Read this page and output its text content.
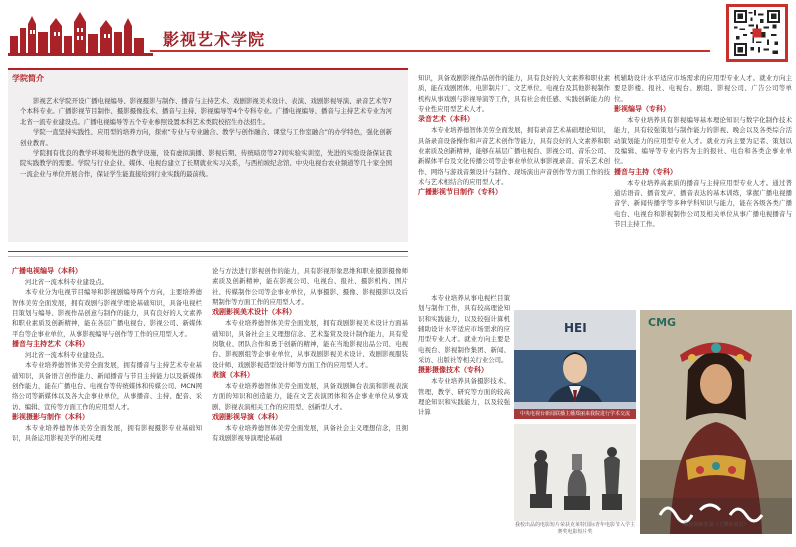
影视艺术学院
学院简介

影视艺术学院开设广播电视编导、影视摄影与制作、播音与主持艺术、戏剧影视美术设计、表演、戏剧影视导演、录音艺术等7个本科专业。广播影视节目制作、摄影摄像技术、播音与主持、影视编导等4个专科专业。广播电视编导、播音与主持艺术专业为河北省一流专业建设点。广播电视编导等五个专业参照设置本科艺术类院校招生办法招生。

学院一直坚持实践性、应用型的培养方向，探索“专业与专业融合、教学与创作融合、课堂与工作室融合”的办学特色，强化创新创业教育。

学院拥有优良的教学环境和先进的教学设施，设有虚拟演播、影视后期、传统暗房等27间实验实训室，先进的实验设备保证我院实践教学的需要。学院与行业企业、媒体、电视台建立了长期就业实习关系，与西柏坡纪念馆、中央电视台农业频道等几十家全国一流企业与单位开展合作，保证学生能直接给到行业实践的最前线。

广播电视编导（本科）

河北省一流本科专业建设点。

本专业分为电视节目编导和影视剧编导两个方向，主要培养德智体美劳全面发展，拥有戏剧与影视学理论基础知识，具备电视栏目策划与编导、影视作品创意与制作的能力，具有良好的人文素养和职业素质及创新精神，能在各层广播电视台、影视公司、新媒体平台等企事业单位，从事影视编导与创作等工作的应用型人才。

播音与主持艺术（本科）

河北省一流本科专业建设点。

本专业培养德智体美劳全面发展，拥有播音与主持艺术专业基础知识，具备语言创作能力、新闻播音与节目主持能力以及新媒体创作能力，能在广播电台、电视台等传统媒体和传媒公司、MCN网络公司等新媒体以及各大企事业单位，从事播音、主持、配音、采访、编辑、宣传等方面工作的应用型人才。

影视摄影与制作（本科）

本专业培养德智体美劳全面发展，拥有影视摄影专业基础知识，具备运用影视美学的相关理

论与方法进行影视创作的能力，具有影视形象思维和职业摄影摄像师素质及创新精神，能在影视公司、电视台、报社、摄影机构、图片社、传媒制作公司等企事业单位，从事摄影、摄像、影视摄影以及后期制作等方面工作的应用型人才。

戏剧影视美术设计（本科）

本专业培养德智体美劳全面发展，拥有戏剧影视美术设计方面基础知识，具备社会主义理想信念、艺术鉴赏及设计制作能力，具有爱岗敬业、团队合作和勇于创新的精神，能在当地影视出品公司、电视台、影视剧组等企事业单位，从事戏剧影视美术设计、戏剧影视服装设计师、戏剧影视造型设计师等方面工作的应用型人才。

表演（本科）

本专业培养德智体美劳全面发展，具备戏剧舞台表演和影视表演方面的知识和创造能力，能在文艺表演团体和各企事业单位从事戏剧、影视表演相关工作的应用型、创新型人才。

戏剧影视导演（本科）

本专业培养德智体美劳全面发展，具备社会主义理想信念，且拥有戏剧影视导演理论基础

知识，具备戏剧影视作品创作的能力，具有良好的人文素养和职业素质，能在戏剧团体、电影制片厂、文艺单位、电视台及其他影视制作机构从事戏剧与影视导演等工作，具有社会责任感、实践创新能力的专业性应用型艺术人才。

录音艺术（本科）

本专业培养德智体美劳全面发展，拥有录音艺术基础理论知识，具备录音设备操作和声音艺术创作等能力，具有良好的人文素养和职业素质及创新精神，能够在基层广播电视台、影视公司、音乐公司、新媒体平台及文化传播公司等企事业单位从事影视录音、音乐艺术创作、网络与游戏音频设计与制作、现场演出声音创作等方面工作的技术与艺术相结合的应用型人才。

广播影视节目制作（专科）

本专业培养从事电视栏目策划与制作工作，具有较高理论知识和实践能力，以及较强计算机辅助设计水平适应市场需求的应用型专业人才。就业方向主要是电视台、影视制作集团、新闻、采访、出版社等相关行业公司。

摄影摄像技术（专科）

本专业培养具备摄影技术、管理、教学、研究等方面的较高理论知识和实践能力，以及较强计算

机辅助设计水平适应市场需求的应用型专业人才。就业方向主要是影楼、报社、电视台、剧组、影视公司、广告公司等单位。

影视编导（专科）

本专业培养具有影视编导基本理论知识与数字化制作技术能力，具有较强策划与制作能力的影视、晚会以及各类综合活动策划能力的应用型专业人才。就业方向主要为记者、策划以及编辑、编导等专业内容为主的报社、电台和各类企事业单位。

播音与主持（专科）

本专业培养高素质的播音与主持应用型专业人才。通过普通话语音、播音发声、播音表达的基本训练，掌握广播电视播音学、新闻传播学等多种学科知识与能力，能在各级各类广播电台、电视台和影视制作公司及相关单位从事广播电视播音与节目主持工作。

HEI
中央电视台新闻联播主播郑丽来我院进行学术交流
CMG
我校出品的电影短片荣获克莱特国际青年电影节入学主赛奖电影短片奖
我校教师参演《王牌炊事员》
